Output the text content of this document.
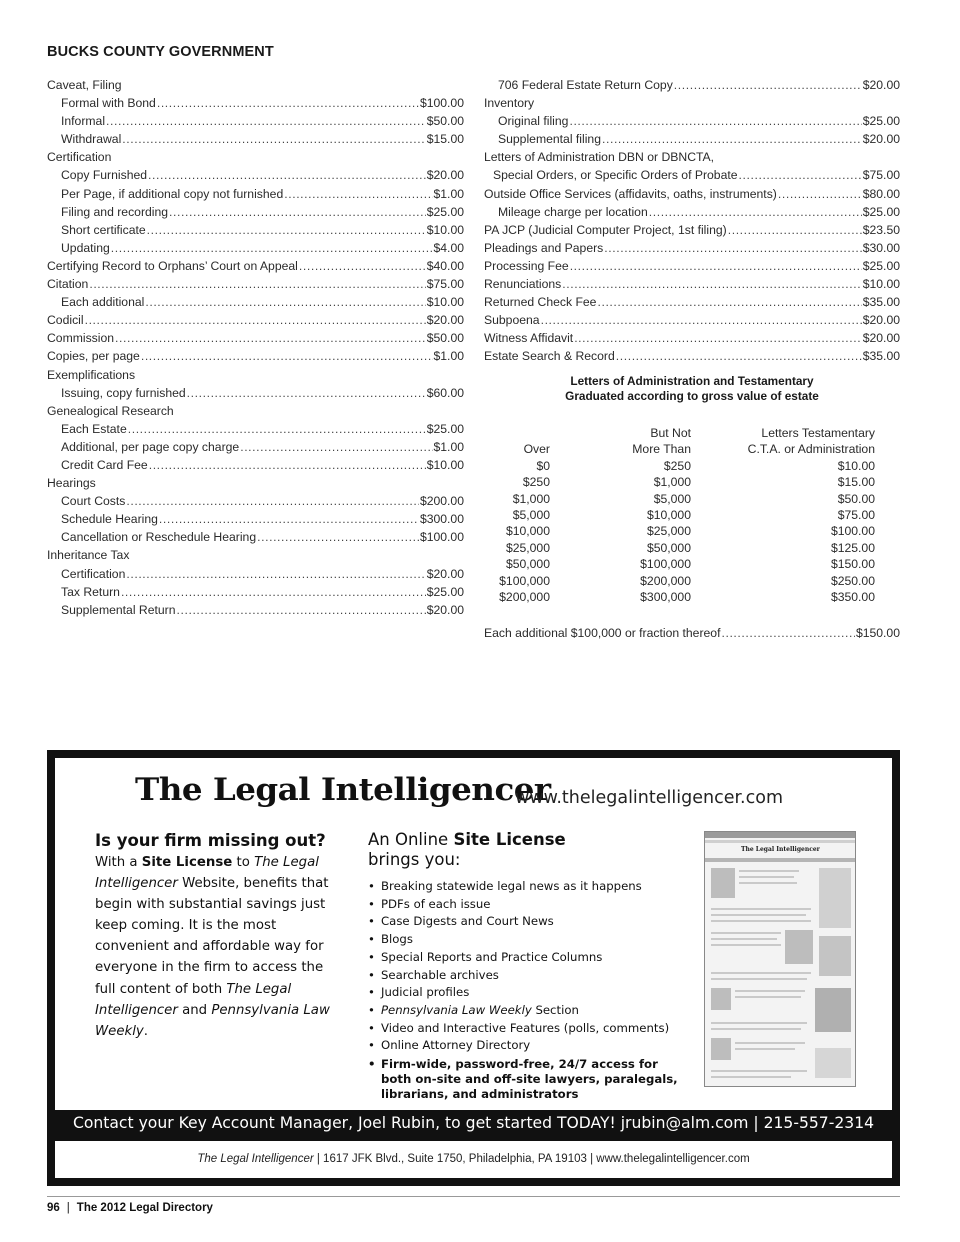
BUCKS COUNTY GOVERNMENT
Caveat, Filing
Formal with Bond .....	$100.00
Informal .....	$50.00
Withdrawal .....	$15.00
Certification
Copy Furnished .....	$20.00
Per Page, if additional copy not furnished .....	$1.00
Filing and recording .....	$25.00
Short certificate .....	$10.00
Updating .....	$4.00
Certifying Record to Orphans’ Court on Appeal .....	$40.00
Citation .....	$75.00
Each additional .....	$10.00
Codicil .....	$20.00
Commission .....	$50.00
Copies, per page .....	$1.00
Exemplifications
Issuing, copy furnished .....	$60.00
Genealogical Research
Each Estate .....	$25.00
Additional, per page copy charge .....	$1.00
Credit Card Fee .....	$10.00
Hearings
Court Costs .....	$200.00
Schedule Hearing .....	$300.00
Cancellation or Reschedule Hearing .....	$100.00
Inheritance Tax
Certification .....	$20.00
Tax Return .....	$25.00
Supplemental Return .....	$20.00
706 Federal Estate Return Copy .....	$20.00
Inventory
Original filing .....	$25.00
Supplemental filing .....	$20.00
Letters of Administration DBN or DBNCTA,
Special Orders, or Specific Orders of Probate .....	$75.00
Outside Office Services (affidavits, oaths, instruments) .....	$80.00
Mileage charge per location .....	$25.00
PA JCP (Judicial Computer Project, 1st filing) .....	$23.50
Pleadings and Papers .....	$30.00
Processing Fee .....	$25.00
Renunciations .....	$10.00
Returned Check Fee .....	$35.00
Subpoena .....	$20.00
Witness Affidavit .....	$20.00
Estate Search & Record .....	$35.00
Letters of Administration and Testamentary
Graduated according to gross value of estate
But Not	Letters Testamentary
Over	More Than	C.T.A. or Administration
$0	$250	$10.00
$250	$1,000	$15.00
$1,000	$5,000	$50.00
$5,000	$10,000	$75.00
$10,000	$25,000	$100.00
$25,000	$50,000	$125.00
$50,000	$100,000	$150.00
$100,000	$200,000	$250.00
$200,000	$300,000	$350.00
Each additional $100,000 or fraction thereof .....	$150.00
The Legal Intelligencer
www.thelegalintelligencer.com
Is your firm missing out?
With a Site License to The Legal Intelligencer Website, benefits that begin with substantial savings just keep coming. It is the most convenient and affordable way for everyone in the firm to access the full content of both The Legal Intelligencer and Pennsylvania Law Weekly.
An Online Site License
brings you:
• Breaking statewide legal news as it happens
• PDFs of each issue
• Case Digests and Court News
• Blogs
• Special Reports and Practice Columns
• Searchable archives
• Judicial profiles
• Pennsylvania Law Weekly Section
• Video and Interactive Features (polls, comments)
• Online Attorney Directory
• Firm-wide, password-free, 24/7 access for both on-site and off-site lawyers, paralegals, librarians, and administrators
The Legal Intelligencer
Contact your Key Account Manager, Joel Rubin, to get started TODAY! jrubin@alm.com | 215-557-2314
The Legal Intelligencer | 1617 JFK Blvd., Suite 1750, Philadelphia, PA 19103 | www.thelegalintelligencer.com
96 | The 2012 Legal Directory
